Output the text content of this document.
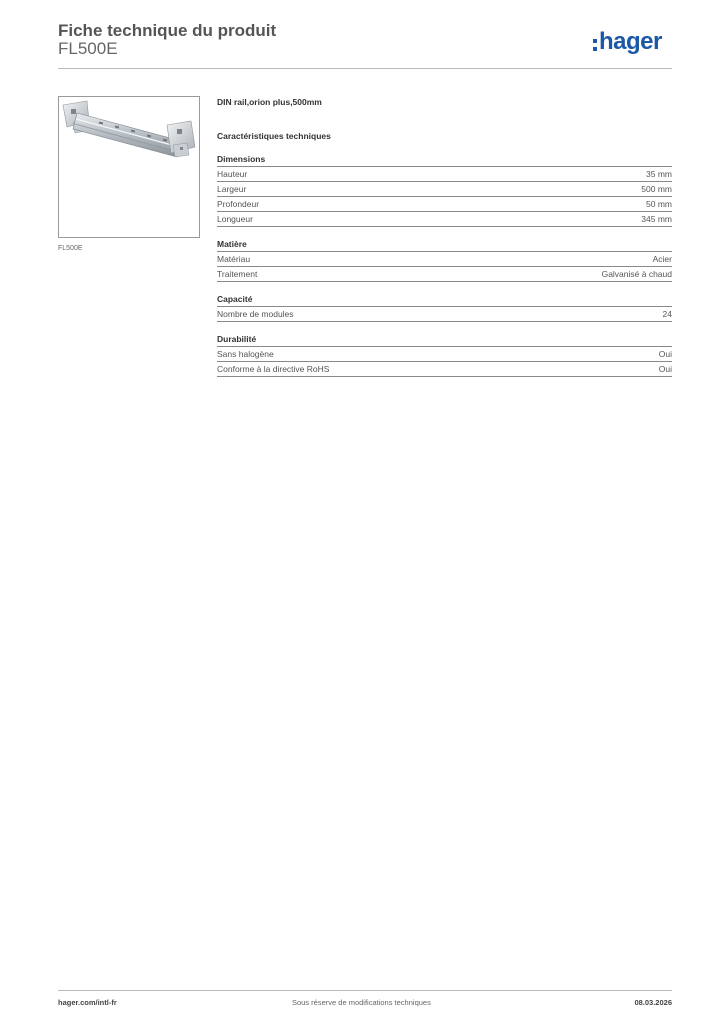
Fiche technique du produit
FL500E	hager
FL500E
DIN rail,orion plus,500mm
Caractéristiques techniques
Dimensions
Hauteur	35 mm
Largeur	500 mm
Profondeur	50 mm
Longueur	345 mm
Matière
Matériau	Acier
Traitement	Galvanisé à chaud
Capacité
Nombre de modules	24
Durabilité
Sans halogène	Oui
Conforme à la directive RoHS	Oui
hager.com/intl-fr	Sous réserve de modifications techniques	08.03.2026
